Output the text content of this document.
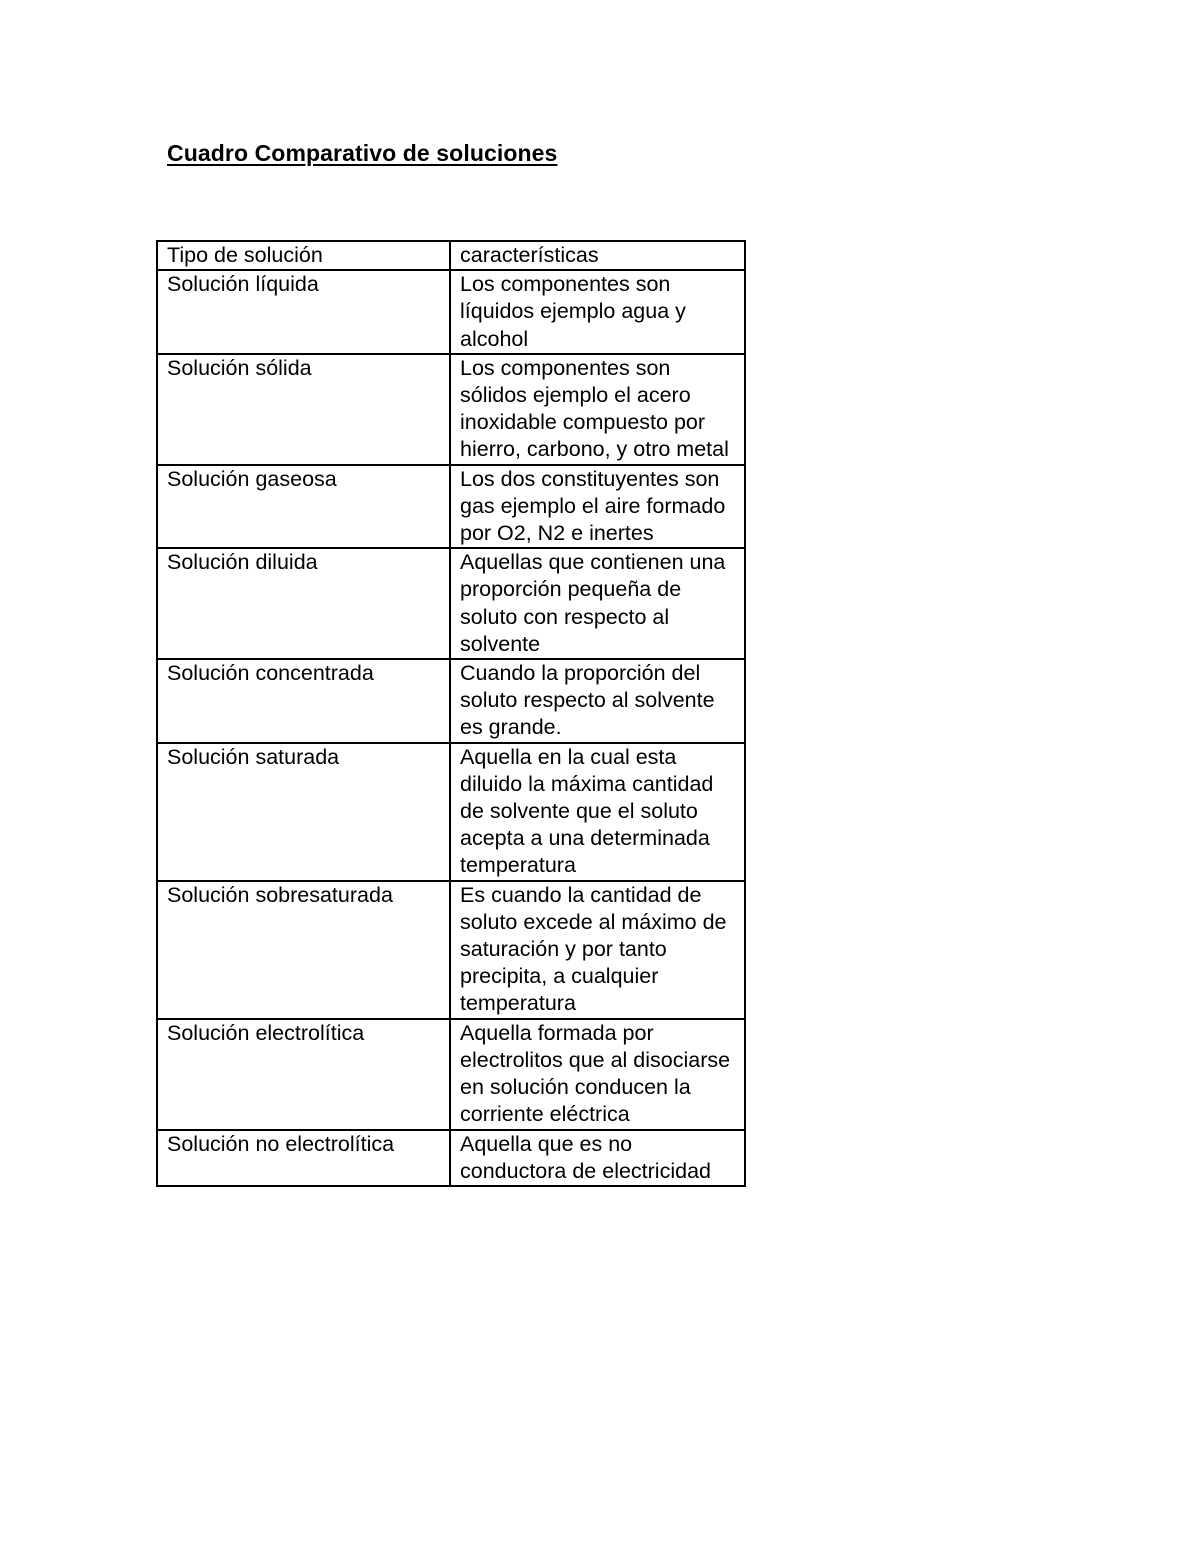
Cuadro Comparativo de soluciones
Tipo de solución	características
Solución líquida	Los componentes son líquidos ejemplo agua y alcohol
Solución sólida	Los componentes son sólidos ejemplo el acero inoxidable compuesto por hierro, carbono, y otro metal
Solución gaseosa	Los dos constituyentes son gas ejemplo el aire formado por O2, N2 e inertes
Solución diluida	Aquellas que contienen una proporción pequeña de soluto con respecto al solvente
Solución concentrada	Cuando la proporción del soluto respecto al solvente es grande.
Solución saturada	Aquella en la cual esta diluido la máxima cantidad de solvente que el soluto acepta a una determinada temperatura
Solución sobresaturada	Es cuando la cantidad de soluto excede al máximo de saturación y por tanto precipita, a cualquier temperatura
Solución electrolítica	Aquella formada por electrolitos que al disociarse en solución conducen la corriente eléctrica
Solución no electrolítica	Aquella que es no conductora de electricidad
